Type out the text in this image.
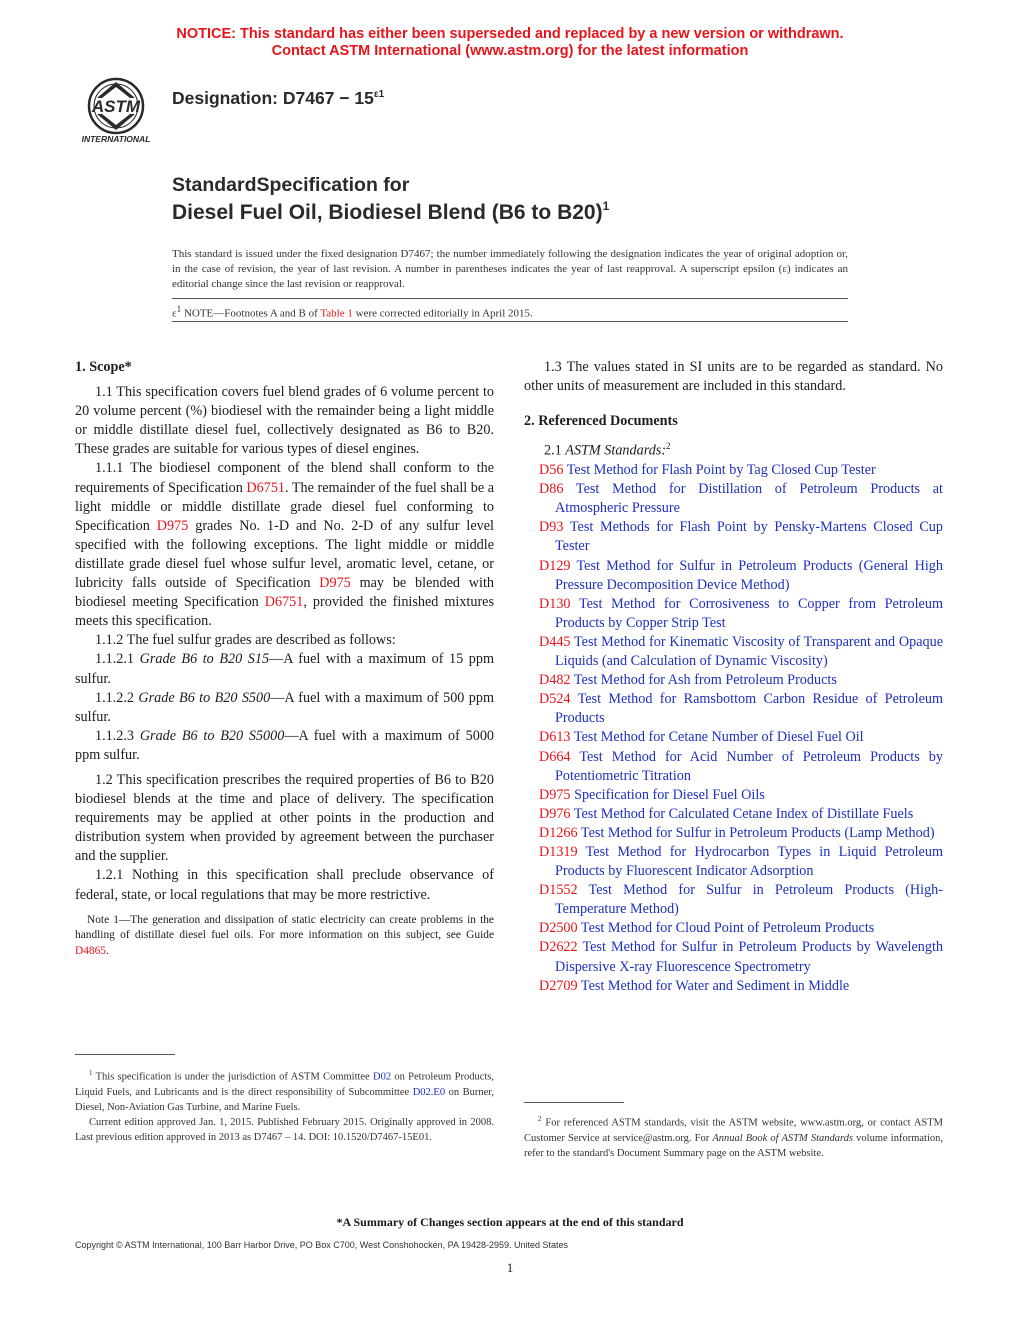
NOTICE: This standard has either been superseded and replaced by a new version or withdrawn.
Contact ASTM International (www.astm.org) for the latest information
ASTM
INTERNATIONAL
Designation: $D7467 - 15^{\varepsilon 1}$
StandardSpecification for
Diesel Fuel Oil, Biodiesel Blend (B6 to B20)$^1$
This standard is issued under the fixed designation D7467; the number immediately following the designation indicates the year of original adoption or, in the case of revision, the year of last revision. A number in parentheses indicates the year of last reapproval. A superscript epsilon (ε) indicates an editorial change since the last revision or reapproval.
$\varepsilon^1$ NOTE—Footnotes A and B of Table 1 were corrected editorially in April 2015.

1. Scope*

1.1 This specification covers fuel blend grades of 6 volume percent to 20 volume percent (%) biodiesel with the remainder being a light middle or middle distillate diesel fuel, collectively designated as B6 to B20. These grades are suitable for various types of diesel engines.

1.1.1 The biodiesel component of the blend shall conform to the requirements of Specification D6751. The remainder of the fuel shall be a light middle or middle distillate grade diesel fuel conforming to Specification D975 grades No. 1-D and No. 2-D of any sulfur level specified with the following exceptions. The light middle or middle distillate grade diesel fuel whose sulfur level, aromatic level, cetane, or lubricity falls outside of Specification D975 may be blended with biodiesel meeting Specification D6751, provided the finished mixtures meets this specification.

1.1.2 The fuel sulfur grades are described as follows:

1.1.2.1 Grade B6 to B20 S15—A fuel with a maximum of 15 ppm sulfur.

1.1.2.2 Grade B6 to B20 S500—A fuel with a maximum of 500 ppm sulfur.

1.1.2.3 Grade B6 to B20 S5000—A fuel with a maximum of 5000 ppm sulfur.

1.2 This specification prescribes the required properties of B6 to B20 biodiesel blends at the time and place of delivery. The specification requirements may be applied at other points in the production and distribution system when provided by agreement between the purchaser and the supplier.

1.2.1 Nothing in this specification shall preclude observance of federal, state, or local regulations that may be more restrictive.

Note 1—The generation and dissipation of static electricity can create problems in the handling of distillate diesel fuel oils. For more information on this subject, see Guide D4865.

$^1$ This specification is under the jurisdiction of ASTM Committee D02 on Petroleum Products, Liquid Fuels, and Lubricants and is the direct responsibility of Subcommittee D02.E0 on Burner, Diesel, Non-Aviation Gas Turbine, and Marine Fuels.

Current edition approved Jan. 1, 2015. Published February 2015. Originally approved in 2008. Last previous edition approved in 2013 as D7467 – 14. DOI: 10.1520/D7467-15E01.

1.3 The values stated in SI units are to be regarded as standard. No other units of measurement are included in this standard.

2. Referenced Documents

2.1 ASTM Standards:$^2$

D56 Test Method for Flash Point by Tag Closed Cup Tester

D86 Test Method for Distillation of Petroleum Products at Atmospheric Pressure

D93 Test Methods for Flash Point by Pensky-Martens Closed Cup Tester

D129 Test Method for Sulfur in Petroleum Products (General High Pressure Decomposition Device Method)

D130 Test Method for Corrosiveness to Copper from Petroleum Products by Copper Strip Test

D445 Test Method for Kinematic Viscosity of Transparent and Opaque Liquids (and Calculation of Dynamic Viscosity)

D482 Test Method for Ash from Petroleum Products

D524 Test Method for Ramsbottom Carbon Residue of Petroleum Products

D613 Test Method for Cetane Number of Diesel Fuel Oil

D664 Test Method for Acid Number of Petroleum Products by Potentiometric Titration

D975 Specification for Diesel Fuel Oils

D976 Test Method for Calculated Cetane Index of Distillate Fuels

D1266 Test Method for Sulfur in Petroleum Products (Lamp Method)

D1319 Test Method for Hydrocarbon Types in Liquid Petroleum Products by Fluorescent Indicator Adsorption

D1552 Test Method for Sulfur in Petroleum Products (High-Temperature Method)

D2500 Test Method for Cloud Point of Petroleum Products

D2622 Test Method for Sulfur in Petroleum Products by Wavelength Dispersive X-ray Fluorescence Spectrometry

D2709 Test Method for Water and Sediment in Middle

$^2$ For referenced ASTM standards, visit the ASTM website, www.astm.org, or contact ASTM Customer Service at service@astm.org. For Annual Book of ASTM Standards volume information, refer to the standard's Document Summary page on the ASTM website.

*A Summary of Changes section appears at the end of this standard
Copyright © ASTM International, 100 Barr Harbor Drive, PO Box C700, West Conshohocken, PA 19428-2959. United States
1
